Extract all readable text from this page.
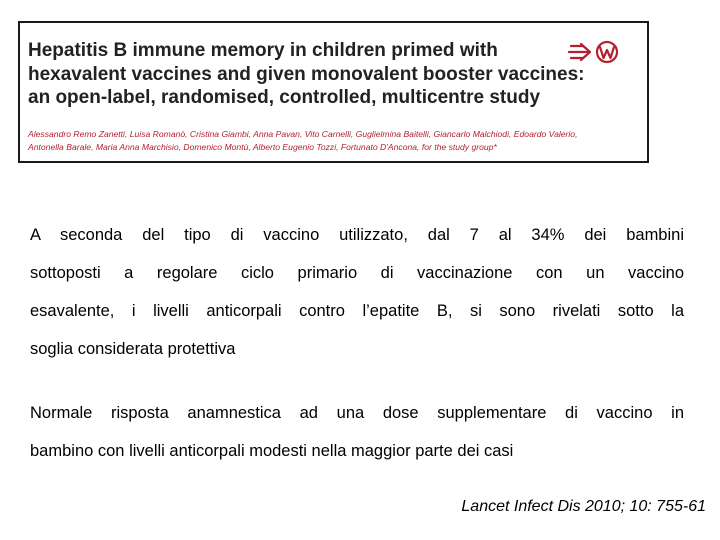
Hepatitis B immune memory in children primed with
hexavalent vaccines and given monovalent booster vaccines:
an open-label, randomised, controlled, multicentre study
Alessandro Remo Zanetti, Luisa Romanò, Cristina Giambi, Anna Pavan, Vito Carnelli, Guglielmina Baitelli, Giancarlo Malchiodi, Edoardo Valerio,
Antonella Barale, Maria Anna Marchisio, Domenico Montù, Alberto Eugenio Tozzi, Fortunato D'Ancona, for the study group*

A seconda del tipo di vaccino utilizzato, dal 7 al 34% dei bambini
sottoposti a regolare ciclo primario di vaccinazione con un vaccino
esavalente, i livelli anticorpali contro l’epatite B, si sono rivelati sotto la
soglia considerata protettiva

Normale risposta anamnestica ad una dose supplementare di vaccino in
bambino con livelli anticorpali modesti nella maggior parte dei casi

Lancet Infect Dis 2010; 10: 755-61
